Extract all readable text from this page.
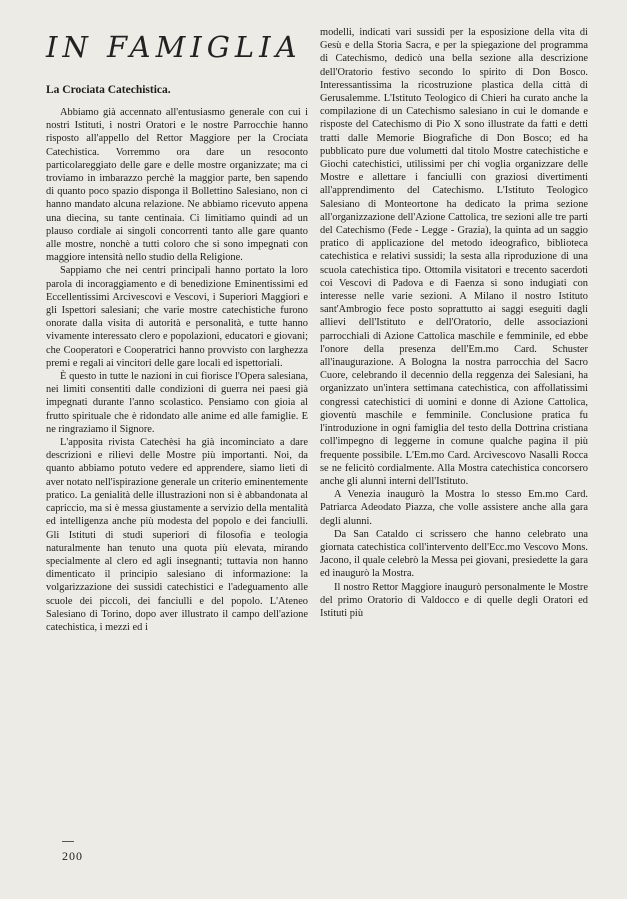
IN FAMIGLIA
La Crociata Catechistica.

Abbiamo già accennato all'entusiasmo generale con cui i nostri Istituti, i nostri Oratori e le nostre Parrocchie hanno risposto all'appello del Rettor Maggiore per la Crociata Catechistica. Vorremmo ora dare un resoconto particolareggiato delle gare e delle mostre organizzate; ma ci troviamo in imbarazzo perchè la maggior parte, ben sapendo di quanto poco spazio disponga il Bollettino Salesiano, non ci hanno mandato alcuna relazione. Ne abbiamo ricevuto appena una diecina, su tante centinaia. Ci limitiamo quindi ad un plauso cordiale ai singoli concorrenti tanto alle gare quanto alle mostre, nonchè a tutti coloro che si sono impegnati con maggiore intensità nello studio della Religione.

Sappiamo che nei centri principali hanno portato la loro parola di incoraggiamento e di benedizione Eminentissimi ed Eccellentissimi Arcivescovi e Vescovi, i Superiori Maggiori e gli Ispettori salesiani; che varie mostre catechistiche furono onorate dalla visita di autorità e personalità, e tutte hanno vivamente interessato clero e popolazioni, educatori e giovani; che Cooperatori e Cooperatrici hanno provvisto con larghezza premi e regali ai vincitori delle gare locali ed ispettoriali.

È questo in tutte le nazioni in cui fiorisce l'Opera salesiana, nei limiti consentiti dalle condizioni di guerra nei paesi già impegnati durante l'anno scolastico. Pensiamo con gioia al frutto spirituale che è ridondato alle anime ed alle famiglie. E ne ringraziamo il Signore.

L'apposita rivista Catechèsi ha già incominciato a dare descrizioni e rilievi delle Mostre più importanti. Noi, da quanto abbiamo potuto vedere ed apprendere, siamo lieti di aver notato nell'ispirazione generale un criterio eminentemente pratico. La genialità delle illustrazioni non si è abbandonata al capriccio, ma si è messa giustamente a servizio della mentalità ed intelligenza anche più modesta del popolo e dei fanciulli. Gli Istituti di studi superiori di filosofia e teologia naturalmente han tenuto una quota più elevata, mirando specialmente al clero ed agli insegnanti; tuttavia non hanno dimenticato il principio salesiano di informazione: la volgarizzazione dei sussidi catechistici e l'adeguamento alle scuole dei piccoli, dei fanciulli e del popolo. L'Ateneo Salesiano di Torino, dopo aver illustrato il campo dell'azione catechistica, i mezzi ed i

modelli, indicati vari sussidi per la esposizione della vita di Gesù e della Storia Sacra, e per la spiegazione del programma di Catechismo, dedicò una bella sezione alla descrizione dell'Oratorio festivo secondo lo spirito di Don Bosco. Interessantissima la ricostruzione plastica della città di Gerusalemme. L'Istituto Teologico di Chieri ha curato anche la compilazione di un Catechismo salesiano in cui le domande e risposte del Catechismo di Pio X sono illustrate da fatti e detti tratti dalle Memorie Biografiche di Don Bosco; ed ha pubblicato pure due volumetti dal titolo Mostre catechistiche e Giochi catechistici, utilissimi per chi voglia organizzare delle Mostre e allettare i fanciulli con graziosi divertimenti all'apprendimento del Catechismo. L'Istituto Teologico Salesiano di Monteortone ha dedicato la prima sezione all'organizzazione dell'Azione Cattolica, tre sezioni alle tre parti del Catechismo (Fede - Legge - Grazia), la quinta ad un saggio pratico di applicazione del metodo ideografico, biblioteca catechistica e relativi sussidi; la sesta alla riproduzione di una scuola catechistica tipo. Ottomila visitatori e trecento sacerdoti coi Vescovi di Padova e di Faenza si sono indugiati con interesse nelle varie sezioni. A Milano il nostro Istituto sant'Ambrogio fece posto soprattutto ai saggi eseguiti dagli allievi dell'Istituto e dell'Oratorio, delle associazioni parrocchiali di Azione Cattolica maschile e femminile, ed ebbe l'onore della presenza dell'Em.mo Card. Schuster all'inaugurazione. A Bologna la nostra parrocchia del Sacro Cuore, celebrando il decennio della reggenza dei Salesiani, ha organizzato un'intera settimana catechistica, con affollatissimi congressi catechistici di uomini e donne di Azione Cattolica, gioventù maschile e femminile. Conclusione pratica fu l'introduzione in ogni famiglia del testo della Dottrina cristiana coll'impegno di leggerne in comune qualche pagina il più frequente possibile. L'Em.mo Card. Arcivescovo Nasalli Rocca se ne felicitò cordialmente. Alla Mostra catechistica concorsero anche gli alunni interni dell'Istituto.

A Venezia inaugurò la Mostra lo stesso Em.mo Card. Patriarca Adeodato Piazza, che volle assistere anche alla gara degli alunni.

Da San Cataldo ci scrissero che hanno celebrato una giornata catechistica coll'intervento dell'Ecc.mo Vescovo Mons. Jacono, il quale celebrò la Messa pei giovani, presiedette la gara ed inaugurò la Mostra.

Il nostro Rettor Maggiore inaugurò personalmente le Mostre del primo Oratorio di Valdocco e di quelle degli Oratori ed Istituti più

200
